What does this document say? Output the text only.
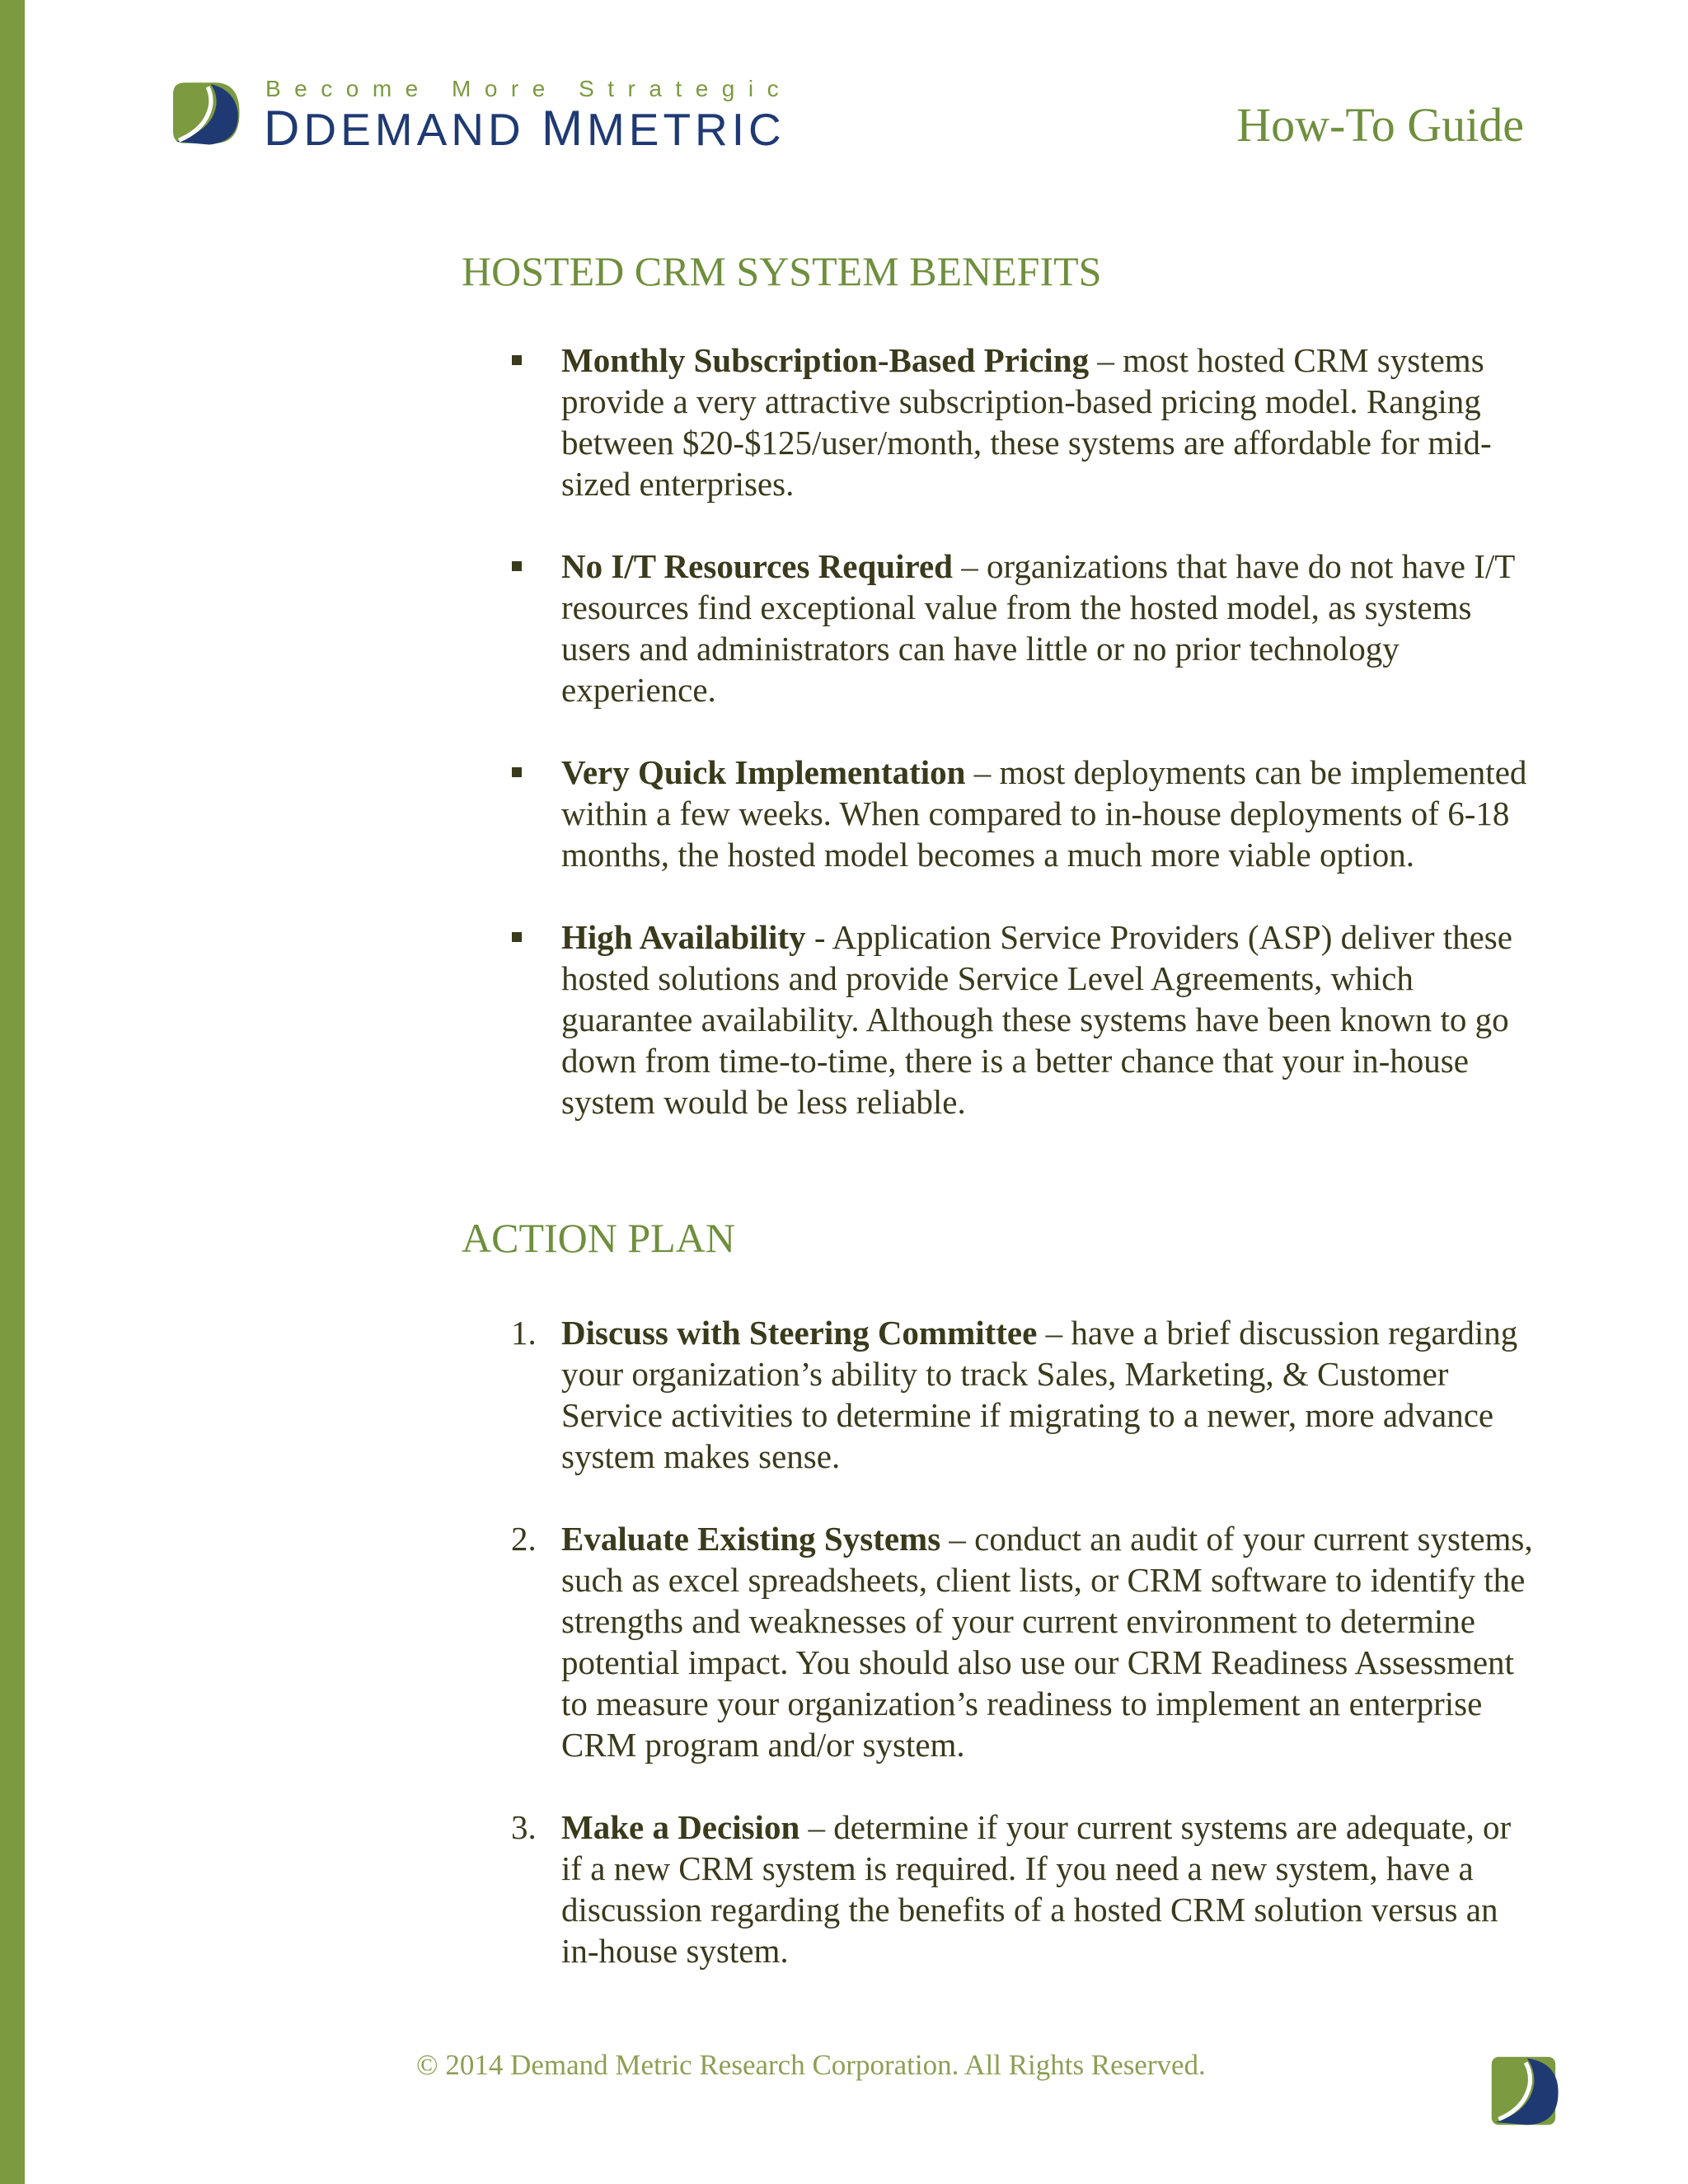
Become More Strategic
DDEMAND MMETRIC	How-To Guide
HOSTED CRM SYSTEM BENEFITS
Monthly Subscription-Based Pricing – most hosted CRM systems provide a very attractive subscription-based pricing model. Ranging between $20-$125/user/month, these systems are affordable for mid-sized enterprises.
No I/T Resources Required – organizations that have do not have I/T resources find exceptional value from the hosted model, as systems users and administrators can have little or no prior technology experience.
Very Quick Implementation – most deployments can be implemented within a few weeks. When compared to in-house deployments of 6-18 months, the hosted model becomes a much more viable option.
High Availability - Application Service Providers (ASP) deliver these hosted solutions and provide Service Level Agreements, which guarantee availability. Although these systems have been known to go down from time-to-time, there is a better chance that your in-house system would be less reliable.
ACTION PLAN
1. Discuss with Steering Committee – have a brief discussion regarding your organization’s ability to track Sales, Marketing, & Customer Service activities to determine if migrating to a newer, more advance system makes sense.
2. Evaluate Existing Systems – conduct an audit of your current systems, such as excel spreadsheets, client lists, or CRM software to identify the strengths and weaknesses of your current environment to determine potential impact. You should also use our CRM Readiness Assessment to measure your organization’s readiness to implement an enterprise CRM program and/or system.
3. Make a Decision – determine if your current systems are adequate, or if a new CRM system is required. If you need a new system, have a discussion regarding the benefits of a hosted CRM solution versus an in-house system.
© 2014 Demand Metric Research Corporation. All Rights Reserved.
